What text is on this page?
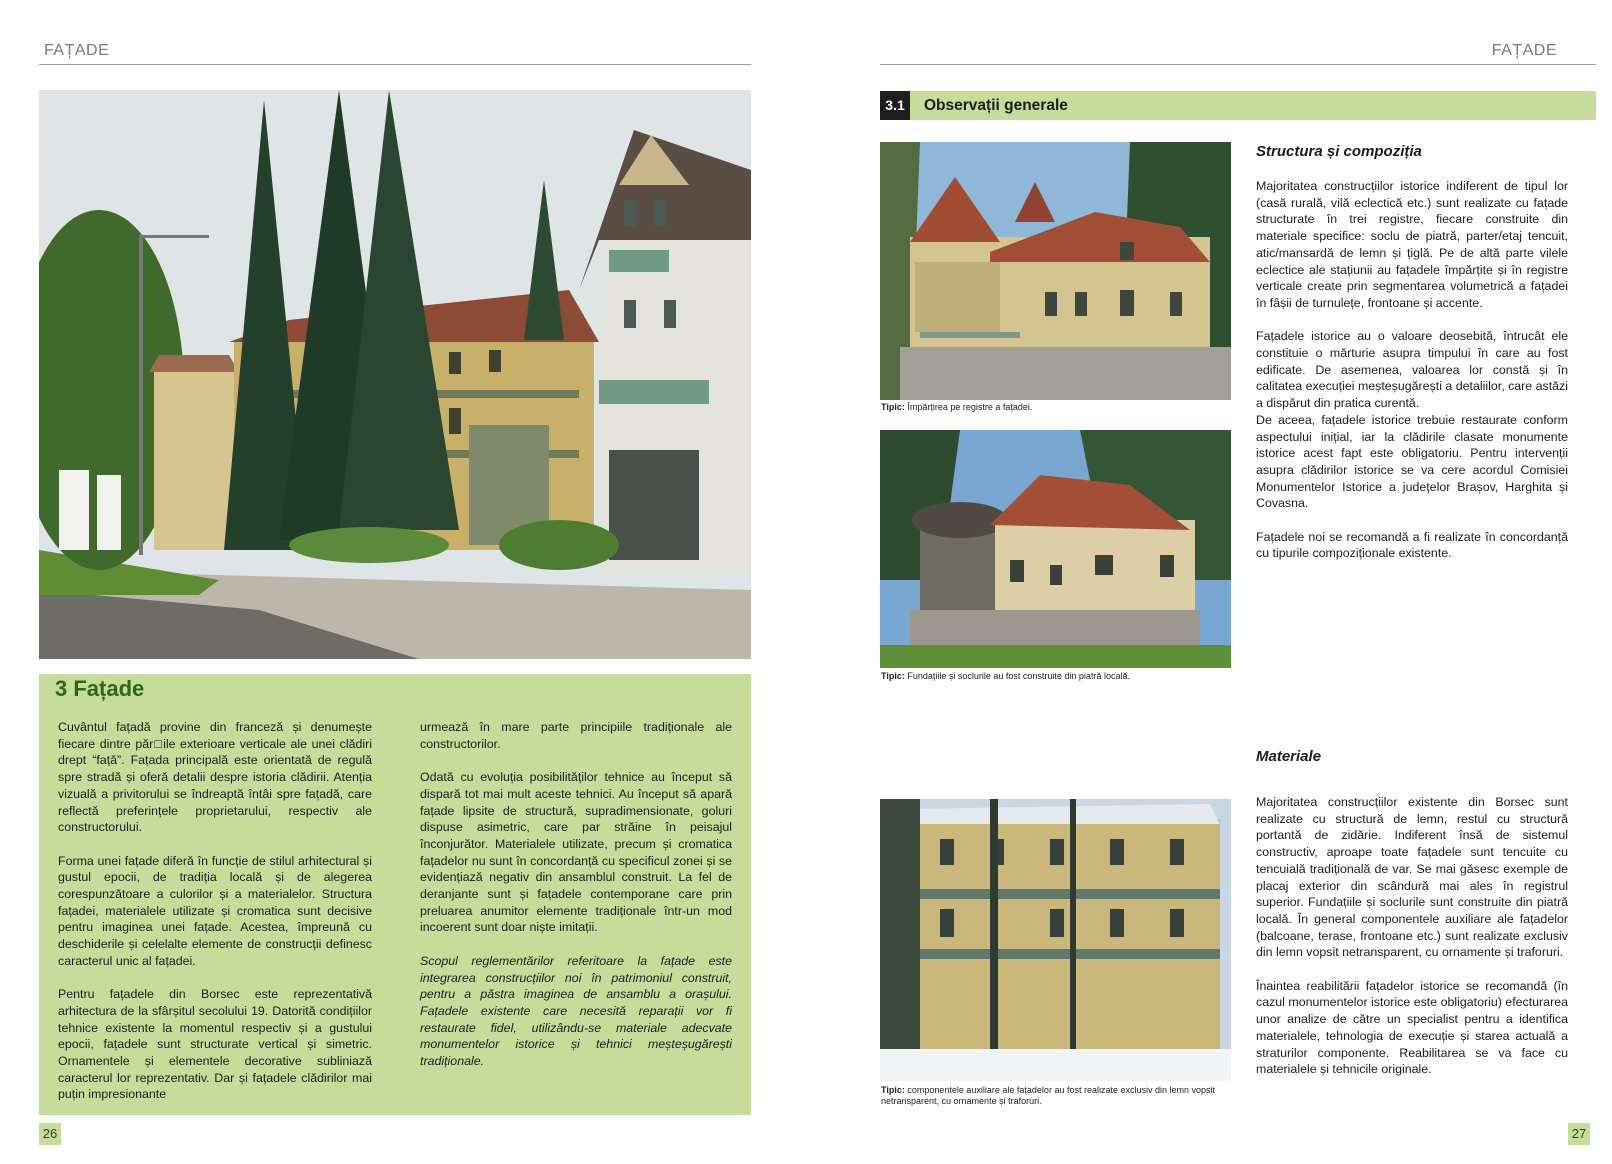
FAȚADE
3 Fațade

Cuvântul fațadă provine din franceză și denumește fiecare dintre păr□ile exterioare verticale ale unei clădiri drept “față”. Fațada principală este orientată de regulă spre stradă și oferă detalii despre istoria clădirii. Atenția vizuală a privitorului se îndreaptă întâi spre fațadă, care reflectă preferințele proprietarului, respectiv ale constructorului.

Forma unei fațade diferă în funcție de stilul arhitectural și gustul epocii, de tradiția locală și de alegerea corespunzătoare a culorilor și a materialelor. Structura fațadei, materialele utilizate și cromatica sunt decisive pentru imaginea unei fațade. Acestea, împreună cu deschiderile și celelalte elemente de construcții definesc caracterul unic al fațadei.

Pentru fațadele din Borsec este reprezentativă arhitectura de la sfârșitul secolului 19. Datorită condițiilor tehnice existente la momentul respectiv și a gustului epocii, fațadele sunt structurate vertical și simetric. Ornamentele și elementele decorative subliniază caracterul lor reprezentativ. Dar și fațadele clădirilor mai puțin impresionante

urmează în mare parte principiile tradiționale ale constructorilor.

Odată cu evoluția posibilităților tehnice au început să dispară tot mai mult aceste tehnici. Au început să apară fațade lipsite de structură, supradimensionate, goluri dispuse asimetric, care par străine în peisajul înconjurător. Materialele utilizate, precum și cromatica fațadelor nu sunt în concordanță cu specificul zonei și se evidențiază negativ din ansamblul construit. La fel de deranjante sunt și fațadele contemporane care prin preluarea anumitor elemente tradiționale într-un mod incoerent sunt doar niște imitații.

Scopul reglementărilor referitoare la fațade este integrarea construcțiilor noi în patrimoniul construit, pentru a păstra imaginea de ansamblu a orașului. Fațadele existente care necesită reparații vor fi restaurate fidel, utilizându-se materiale adecvate monumentelor istorice și tehnici meșteșugărești tradiționale.

26
FAȚADE
3.1	Observații generale
Tipic: Împărțirea pe registre a fațadei.
Tipic: Fundațiile și soclurile au fost construite din piatră locală.
Tipic: componentele auxiliare ale fațadelor au fost realizate exclusiv din lemn vopsit netransparent, cu ornamente și traforuri.
Structura și compoziția

Majoritatea construcțiilor istorice indiferent de tipul lor (casă rurală, vilă eclectică etc.) sunt realizate cu fațade structurate în trei registre, fiecare construite din materiale specifice: soclu de piatră, parter/etaj tencuit, atic/mansardă de lemn și țiglă. Pe de altă parte vilele eclectice ale stațiunii au fațadele împărțite și în registre verticale create prin segmentarea volumetrică a fațadei în fâșii de turnulețe, frontoane și accente.

Fațadele istorice au o valoare deosebită, întrucât ele constituie o mărturie asupra timpului în care au fost edificate. De asemenea, valoarea lor constă și în calitatea execuției meșteșugărești a detaliilor, care astăzi a dispărut din pratica curentă.

De aceea, fațadele istorice trebuie restaurate conform aspectului inițial, iar la clădirile clasate monumente istorice acest fapt este obligatoriu. Pentru intervenții asupra clădirilor istorice se va cere acordul Comisiei Monumentelor Istorice a județelor Brașov, Harghita și Covasna.

Fațadele noi se recomandă a fi realizate în concordanță cu tipurile compoziționale existente.

Materiale

Majoritatea construcțiilor existente din Borsec sunt realizate cu structură de lemn, restul cu structură portantă de zidărie. Indiferent însă de sistemul constructiv, aproape toate fațadele sunt tencuite cu tencuială tradițională de var. Se mai găsesc exemple de placaj exterior din scândură mai ales în registrul superior. Fundațiile și soclurile sunt construite din piatră locală. În general componentele auxiliare ale fațadelor (balcoane, terase, frontoane etc.) sunt realizate exclusiv din lemn vopsit netransparent, cu ornamente și traforuri.

Înaintea reabilitării fațadelor istorice se recomandă (în cazul monumentelor istorice este obligatoriu) efecturarea unor analize de către un specialist pentru a identifica materialele, tehnologia de execuție și starea actuală a straturilor componente. Reabilitarea se va face cu materialele și tehnicile originale.

27
